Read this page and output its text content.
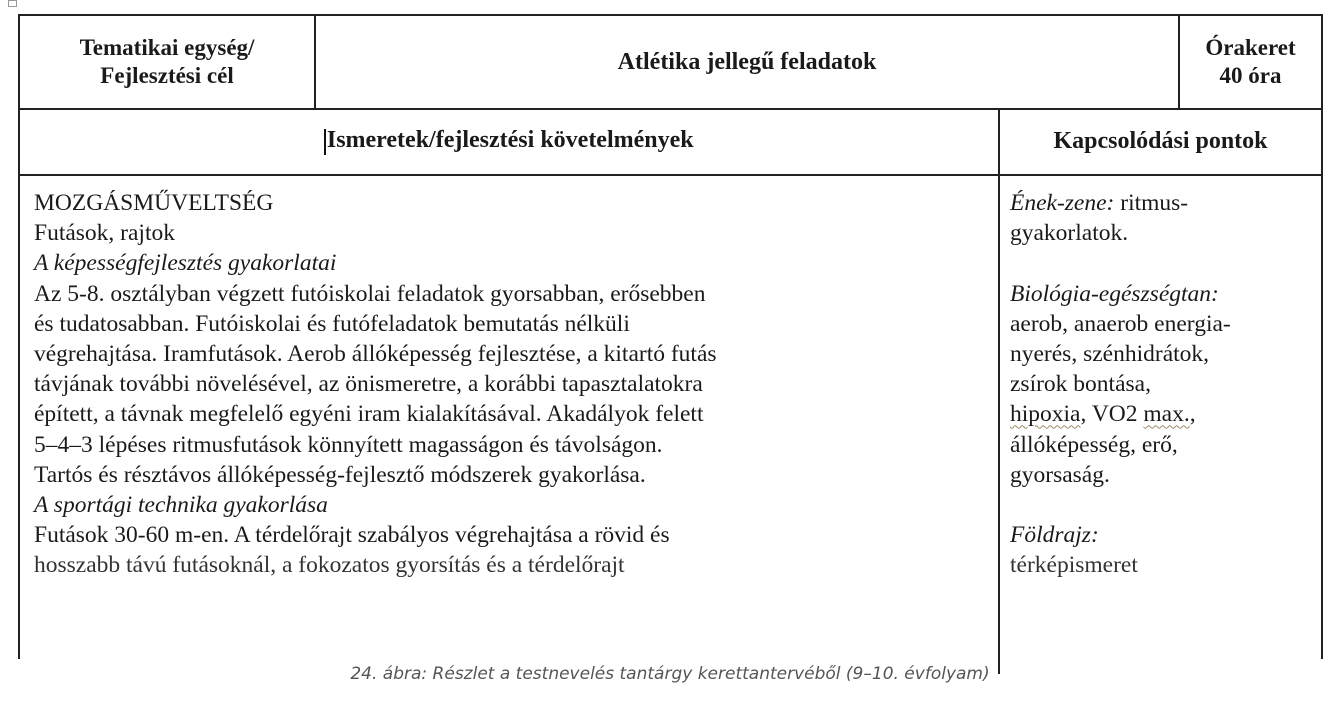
Tematikai egység/
Fejlesztési cél
Atlétika jellegű feladatok
Órakeret
40 óra
Ismeretek/fejlesztési követelmények	Kapcsolódási pontok
MOZGÁSMŰVELTSÉG
Futások, rajtok
A képességfejlesztés gyakorlatai
Az 5-8. osztályban végzett futóiskolai feladatok gyorsabban, erősebben
és tudatosabban. Futóiskolai és futófeladatok bemutatás nélküli
végrehajtása. Iramfutások. Aerob állóképesség fejlesztése, a kitartó futás
távjának további növelésével, az önismeretre, a korábbi tapasztalatokra
épített, a távnak megfelelő egyéni iram kialakításával. Akadályok felett
5–4–3 lépéses ritmusfutások könnyített magasságon és távolságon.
Tartós és résztávos állóképesség-fejlesztő módszerek gyakorlása.
A sportági technika gyakorlása
Futások 30-60 m-en. A térdelőrajt szabályos végrehajtása a rövid és
hosszabb távú futásoknál, a fokozatos gyorsítás és a térdelőrajt
Ének-zene: ritmus-
gyakorlatok.
Biológia-egészségtan:
aerob, anaerob energia-
nyerés, szénhidrátok,
zsírok bontása,
hipoxia, VO2 max.,
állóképesség, erő,
gyorsaság.
Földrajz:
térképismeret
24. ábra: Részlet a testnevelés tantárgy kerettantervéből (9–10. évfolyam)
